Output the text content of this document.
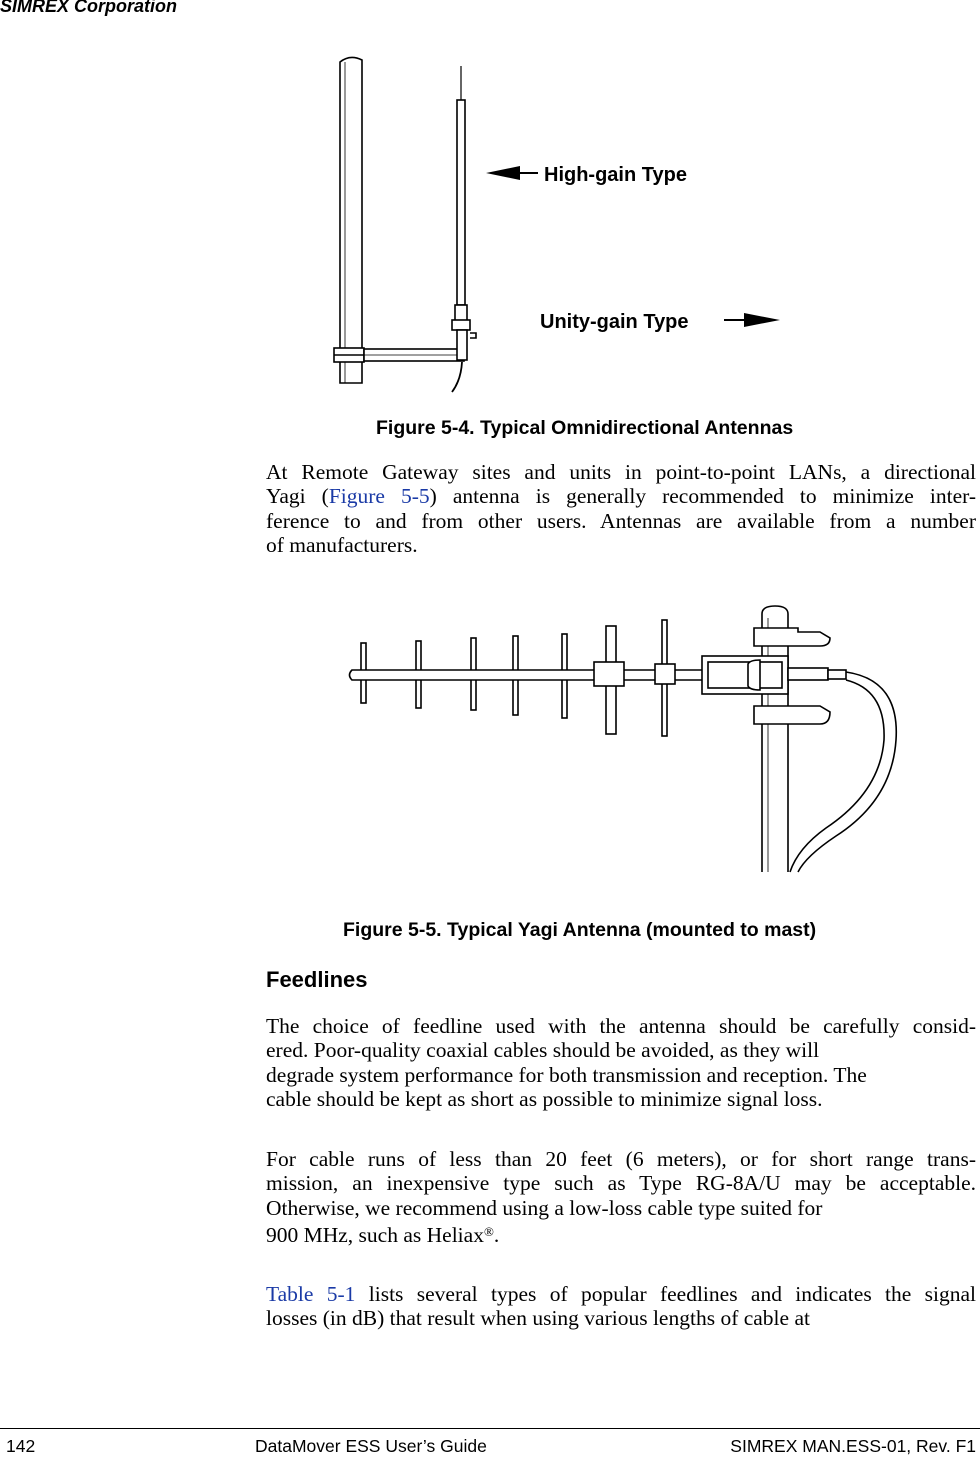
SIMREX Corporation
High-gain Type
Unity-gain Type
Figure 5-4. Typical Omnidirectional Antennas
At Remote Gateway sites and units in point-to-point LANs, a directional
Yagi (Figure 5-5) antenna is generally recommended to minimize inter-
ference to and from other users. Antennas are available from a number
of manufacturers.
Figure 5-5. Typical Yagi Antenna (mounted to mast)
Feedlines
The choice of feedline used with the antenna should be carefully consid-
ered. Poor-quality coaxial cables should be avoided, as they will
degrade system performance for both transmission and reception. The
cable should be kept as short as possible to minimize signal loss.
For cable runs of less than 20 feet (6 meters), or for short range trans-
mission, an inexpensive type such as Type RG-8A/U may be acceptable.
Otherwise, we recommend using a low-loss cable type suited for
900 MHz, such as Heliax®.
Table 5-1 lists several types of popular feedlines and indicates the signal
losses (in dB) that result when using various lengths of cable at
142	DataMover ESS User’s Guide	SIMREX MAN.ESS-01, Rev. F1
